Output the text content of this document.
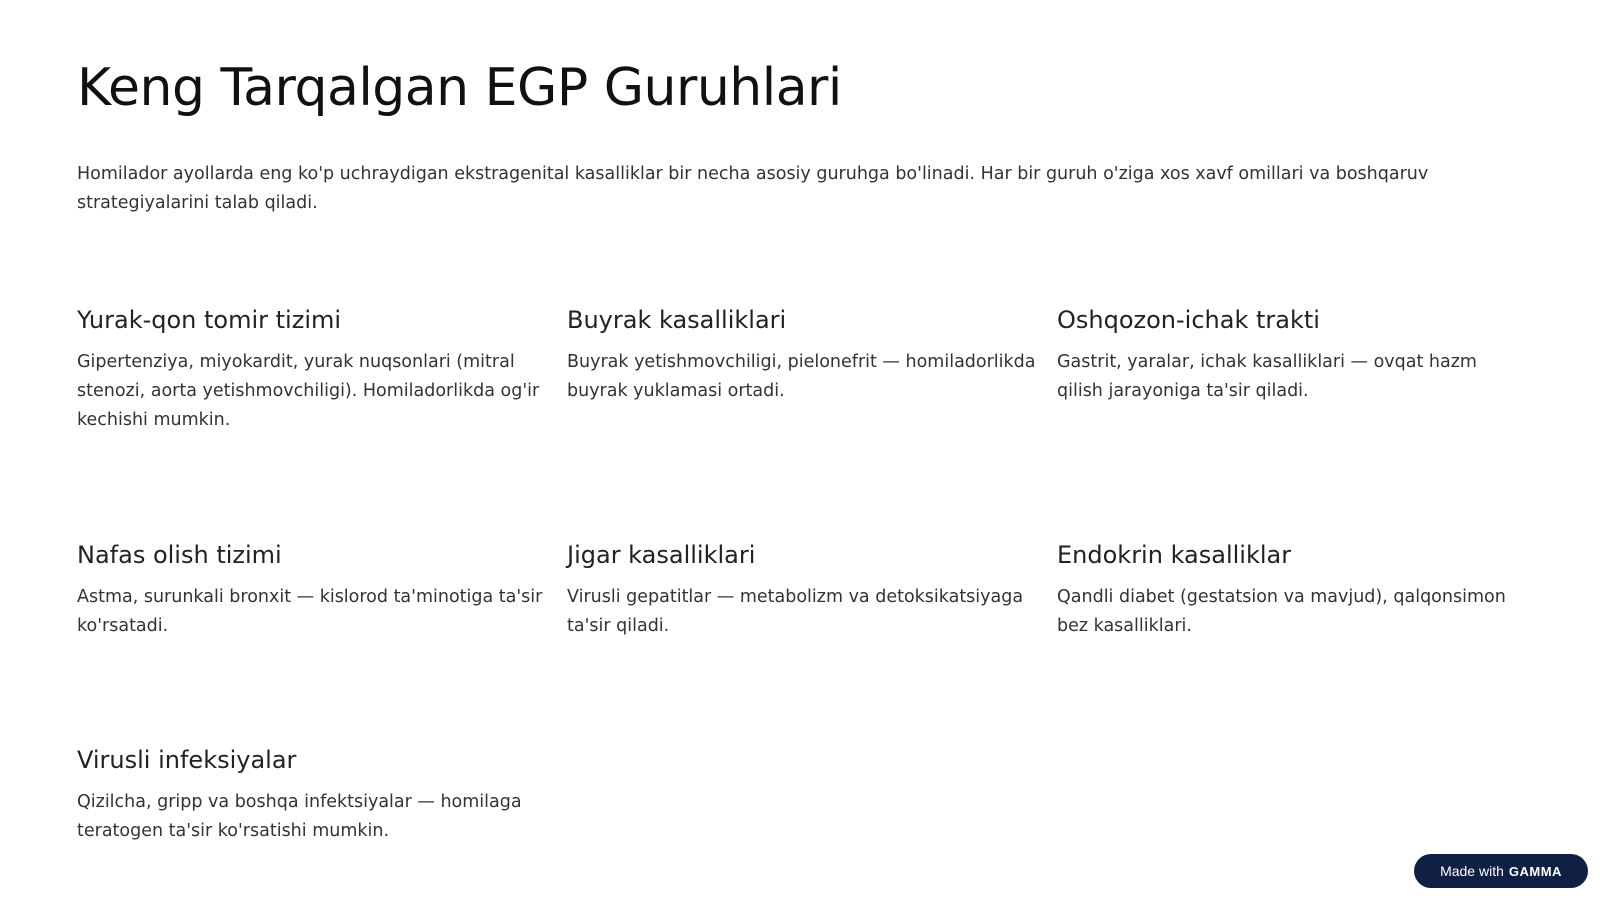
Keng Tarqalgan EGP Guruhlari

Homilador ayollarda eng ko'p uchraydigan ekstragenital kasalliklar bir necha asosiy guruhga bo'linadi. Har bir guruh o'ziga xos xavf omillari va boshqaruv strategiyalarini talab qiladi.

Yurak-qon tomir tizimi

Gipertenziya, miyokardit, yurak nuqsonlari (mitral stenozi, aorta yetishmovchiligi). Homiladorlikda og'ir kechishi mumkin.

Buyrak kasalliklari

Buyrak yetishmovchiligi, pielonefrit — homiladorlikda buyrak yuklamasi ortadi.

Oshqozon-ichak trakti

Gastrit, yaralar, ichak kasalliklari — ovqat hazm qilish jarayoniga ta'sir qiladi.

Nafas olish tizimi

Astma, surunkali bronxit — kislorod ta'minotiga ta'sir ko'rsatadi.

Jigar kasalliklari

Virusli gepatitlar — metabolizm va detoksikatsiyaga ta'sir qiladi.

Endokrin kasalliklar

Qandli diabet (gestatsion va mavjud), qalqonsimon bez kasalliklari.

Virusli infeksiyalar

Qizilcha, gripp va boshqa infektsiyalar — homilaga teratogen ta'sir ko'rsatishi mumkin.

Made with GAMMA
